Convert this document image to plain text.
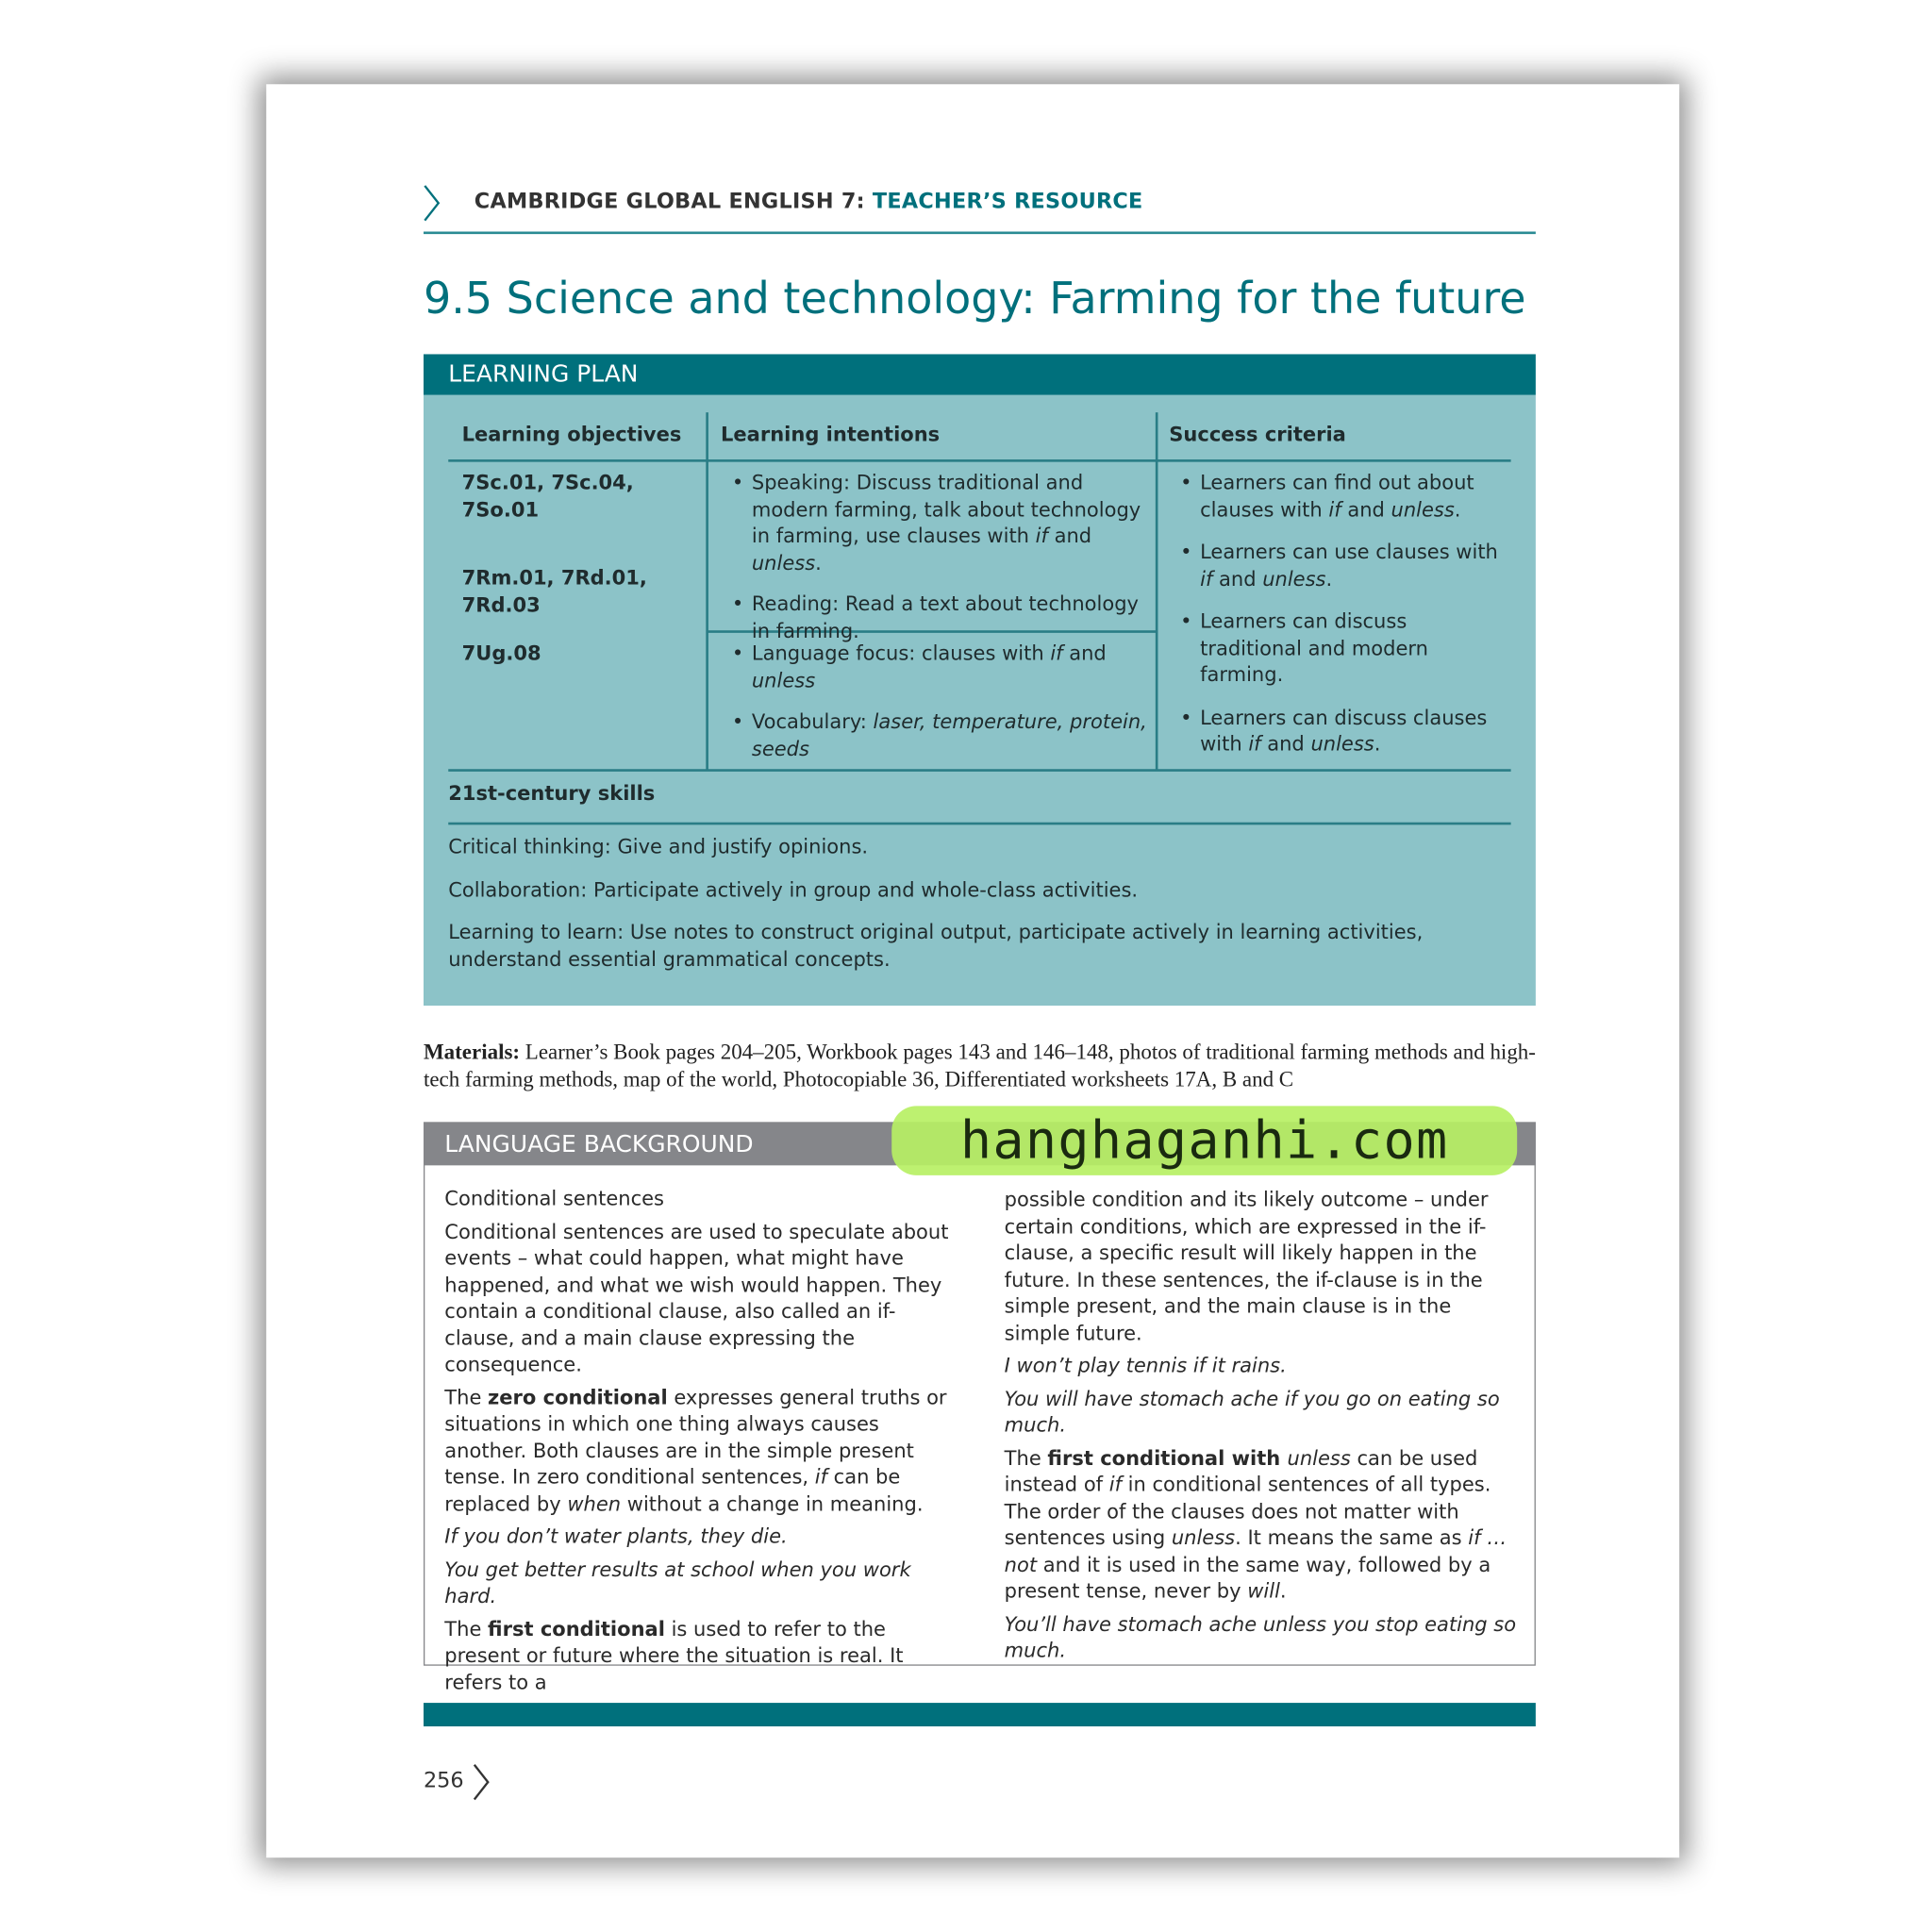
CAMBRIDGE GLOBAL ENGLISH 7: TEACHER’S RESOURCE
9.5 Science and technology: Farming for the future
LEARNING PLAN
Learning objectives	Learning intentions	Success criteria
7Sc.01, 7Sc.04, 7So.01
7Rm.01, 7Rd.01, 7Rd.03
7Ug.08
• Speaking: Discuss traditional and modern farming, talk about technology in farming, use clauses with if and unless.
• Reading: Read a text about technology in farming.
• Language focus: clauses with if and unless
• Vocabulary: laser, temperature, protein, seeds
• Learners can find out about clauses with if and unless.
• Learners can use clauses with if and unless.
• Learners can discuss traditional and modern farming.
• Learners can discuss clauses with if and unless.
21st-century skills
Critical thinking: Give and justify opinions.
Collaboration: Participate actively in group and whole-class activities.
Learning to learn: Use notes to construct original output, participate actively in learning activities, understand essential grammatical concepts.
Materials: Learner’s Book pages 204–205, Workbook pages 143 and 146–148, photos of traditional farming methods and high-tech farming methods, map of the world, Photocopiable 36, Differentiated worksheets 17A, B and C
LANGUAGE BACKGROUND

Conditional sentences

Conditional sentences are used to speculate about events – what could happen, what might have happened, and what we wish would happen. They contain a conditional clause, also called an if-clause, and a main clause expressing the consequence.

The zero conditional expresses general truths or situations in which one thing always causes another. Both clauses are in the simple present tense. In zero conditional sentences, if can be replaced by when without a change in meaning.

If you don’t water plants, they die.

You get better results at school when you work hard.

The first conditional is used to refer to the present or future where the situation is real. It refers to a

possible condition and its likely outcome – under certain conditions, which are expressed in the if-clause, a specific result will likely happen in the future. In these sentences, the if-clause is in the simple present, and the main clause is in the simple future.

I won’t play tennis if it rains.

You will have stomach ache if you go on eating so much.

The first conditional with unless can be used instead of if in conditional sentences of all types. The order of the clauses does not matter with sentences using unless. It means the same as if … not and it is used in the same way, followed by a present tense, never by will.

You’ll have stomach ache unless you stop eating so much.

hanghaganhi.com
256
